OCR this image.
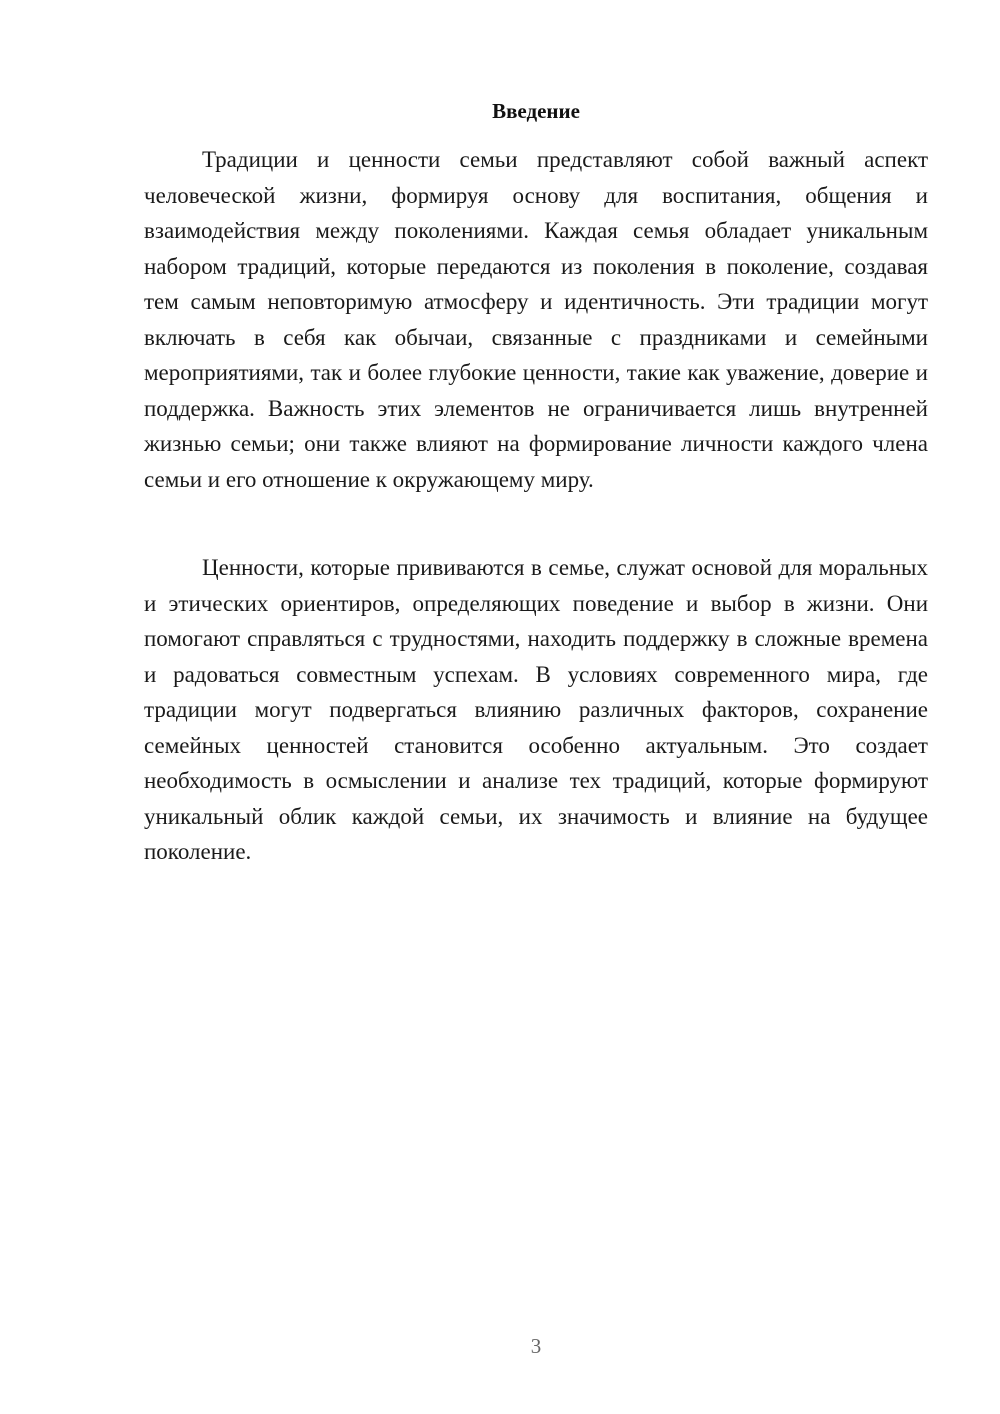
Введение

Традиции и ценности семьи представляют собой важный аспект человеческой жизни, формируя основу для воспитания, общения и взаимодействия между поколениями. Каждая семья обладает уникальным набором традиций, которые передаются из поколения в поколение, создавая тем самым неповторимую атмосферу и идентичность. Эти традиции могут включать в себя как обычаи, связанные с праздниками и семейными мероприятиями, так и более глубокие ценности, такие как уважение, доверие и поддержка. Важность этих элементов не ограничивается лишь внутренней жизнью семьи; они также влияют на формирование личности каждого члена семьи и его отношение к окружающему миру.

Ценности, которые прививаются в семье, служат основой для моральных и этических ориентиров, определяющих поведение и выбор в жизни. Они помогают справляться с трудностями, находить поддержку в сложные времена и радоваться совместным успехам. В условиях современного мира, где традиции могут подвергаться влиянию различных факторов, сохранение семейных ценностей становится особенно актуальным. Это создает необходимость в осмыслении и анализе тех традиций, которые формируют уникальный облик каждой семьи, их значимость и влияние на будущее поколение.

3
